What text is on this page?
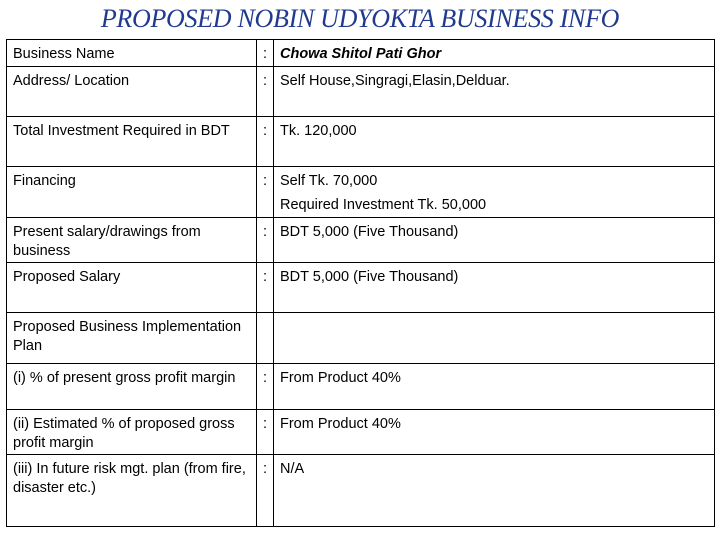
PROPOSED NOBIN UDYOKTA BUSINESS INFO
Business Name	:	Chowa Shitol Pati Ghor
Address/ Location	:	Self House,Singragi,Elasin,Delduar.
Total Investment Required in BDT	:	Tk. 120,000
Financing	:	Self Tk. 70,000
Required Investment Tk. 50,000

Present salary/drawings from business	:	BDT 5,000 (Five Thousand)
Proposed Salary	:	BDT 5,000 (Five Thousand)
Proposed Business Implementation Plan		
(i) % of present gross profit margin	:	From Product 40%
(ii) Estimated % of proposed gross profit margin	:	From Product 40%
(iii) In future risk mgt. plan (from fire, disaster etc.)	:	N/A
